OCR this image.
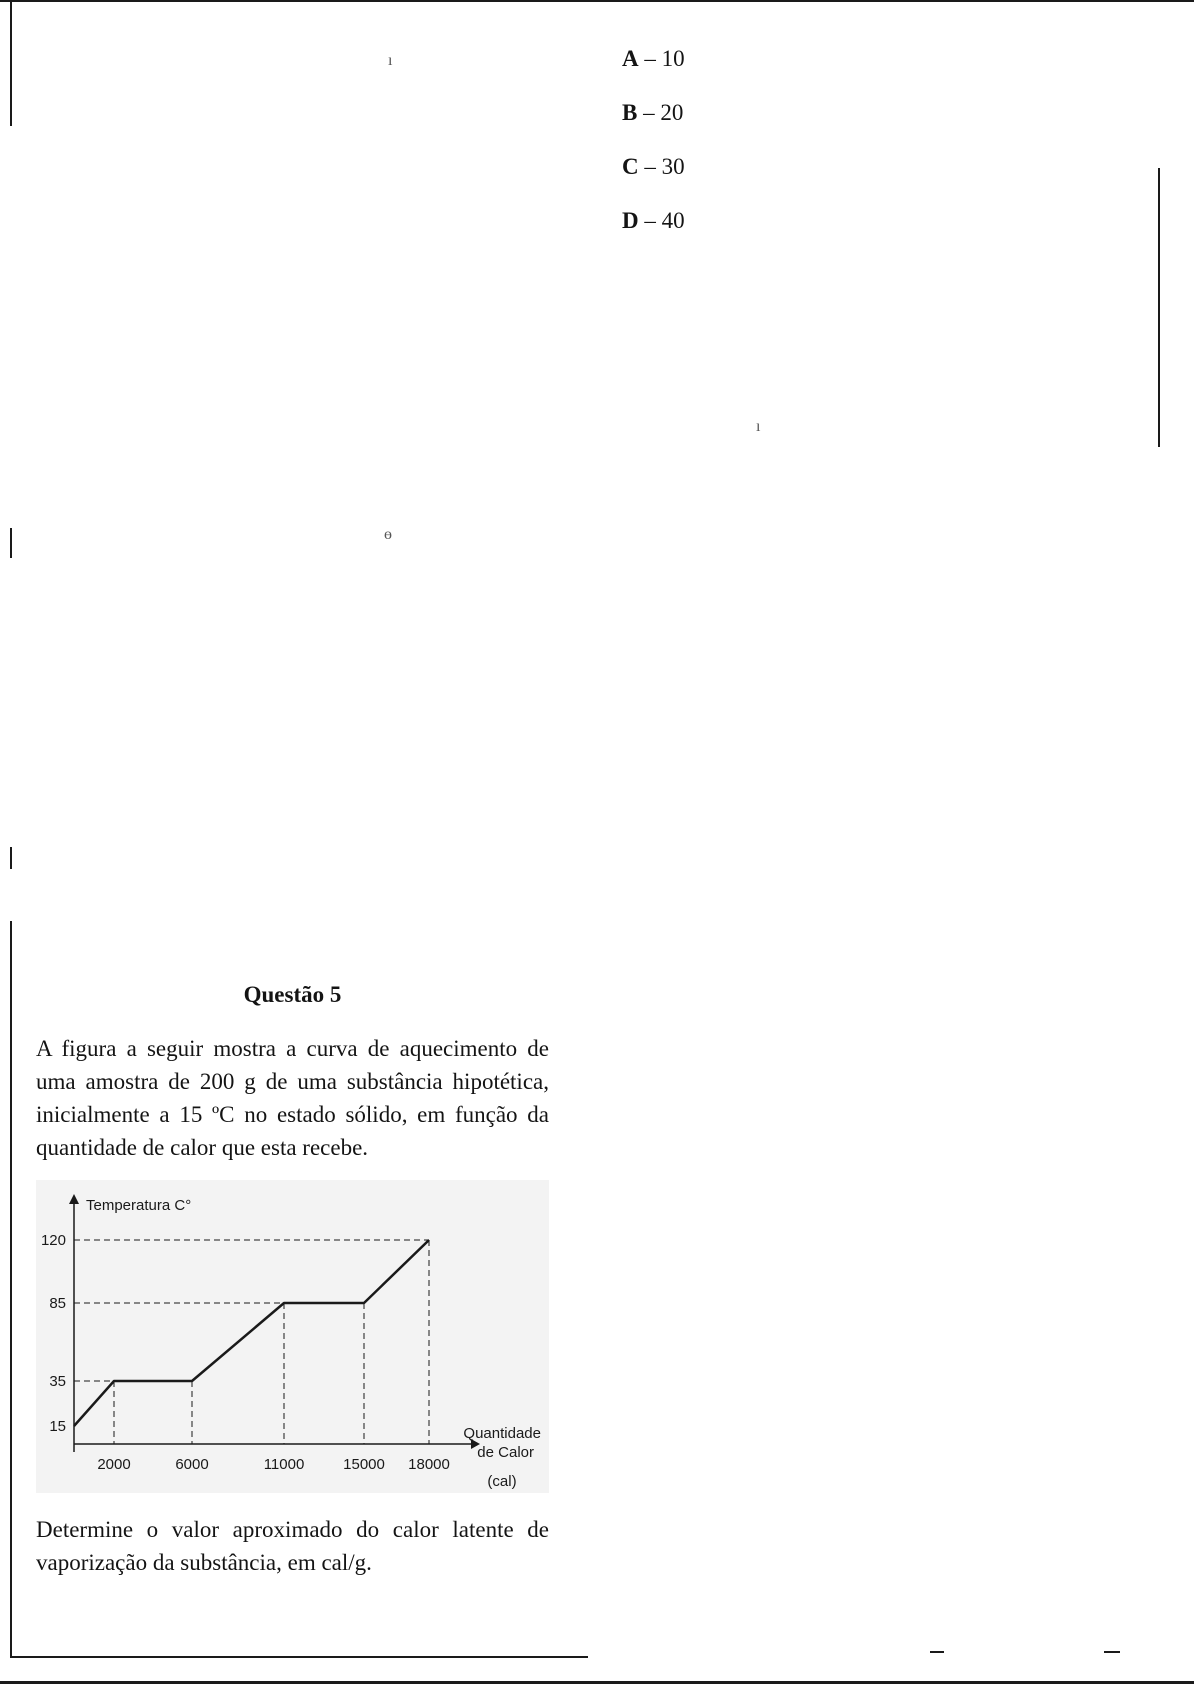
ı
ı
ɵ
A – 10
B – 20
C – 30
D – 40
Questão 5

A figura a seguir mostra a curva de aquecimento de uma amostra de 200 g de uma substância hipotética, inicialmente a 15 ºC no estado sólido, em função da quantidade de calor que esta recebe.

15
35
85
120
2000	6000	11000	15000 18000
Temperatura C°
Quantidade
de Calor
(cal)

Determine o valor aproximado do calor latente de vaporização da substância, em cal/g.
